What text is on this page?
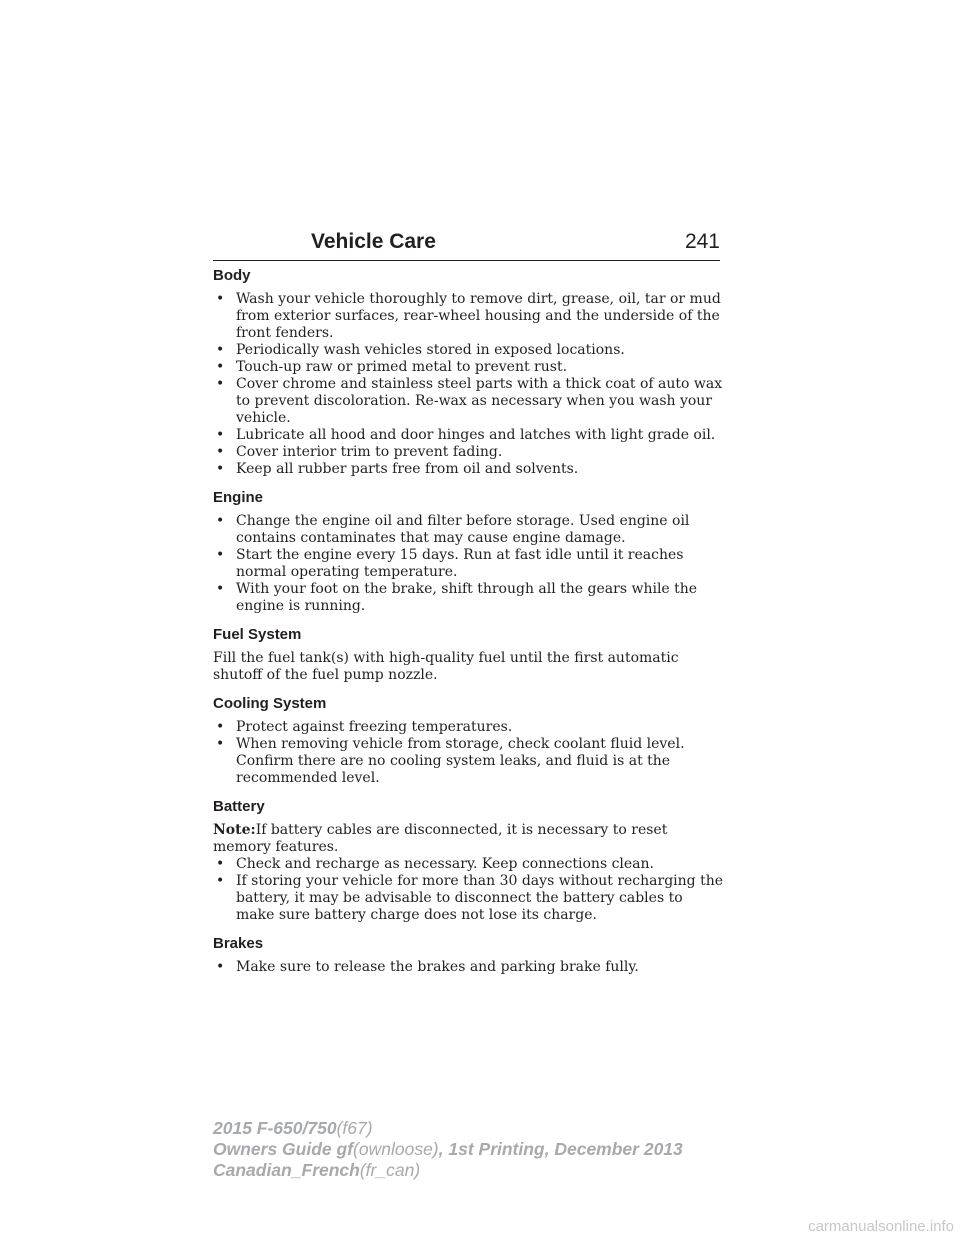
Vehicle Care	241
Body
• Wash your vehicle thoroughly to remove dirt, grease, oil, tar or mud from exterior surfaces, rear-wheel housing and the underside of the front fenders.
• Periodically wash vehicles stored in exposed locations.
• Touch-up raw or primed metal to prevent rust.
• Cover chrome and stainless steel parts with a thick coat of auto wax to prevent discoloration. Re-wax as necessary when you wash your vehicle.
• Lubricate all hood and door hinges and latches with light grade oil.
• Cover interior trim to prevent fading.
• Keep all rubber parts free from oil and solvents.
Engine
• Change the engine oil and filter before storage. Used engine oil contains contaminates that may cause engine damage.
• Start the engine every 15 days. Run at fast idle until it reaches normal operating temperature.
• With your foot on the brake, shift through all the gears while the engine is running.
Fuel System

Fill the fuel tank(s) with high-quality fuel until the first automatic shutoff of the fuel pump nozzle.

Cooling System
• Protect against freezing temperatures.
• When removing vehicle from storage, check coolant fluid level. Confirm there are no cooling system leaks, and fluid is at the recommended level.
Battery

Note:If battery cables are disconnected, it is necessary to reset memory features.

• Check and recharge as necessary. Keep connections clean.
• If storing your vehicle for more than 30 days without recharging the battery, it may be advisable to disconnect the battery cables to make sure battery charge does not lose its charge.
Brakes
• Make sure to release the brakes and parking brake fully.
2015 F-650/750(f67)
Owners Guide gf(ownloose), 1st Printing, December 2013
Canadian_French(fr_can)
carmanualsonline.info
